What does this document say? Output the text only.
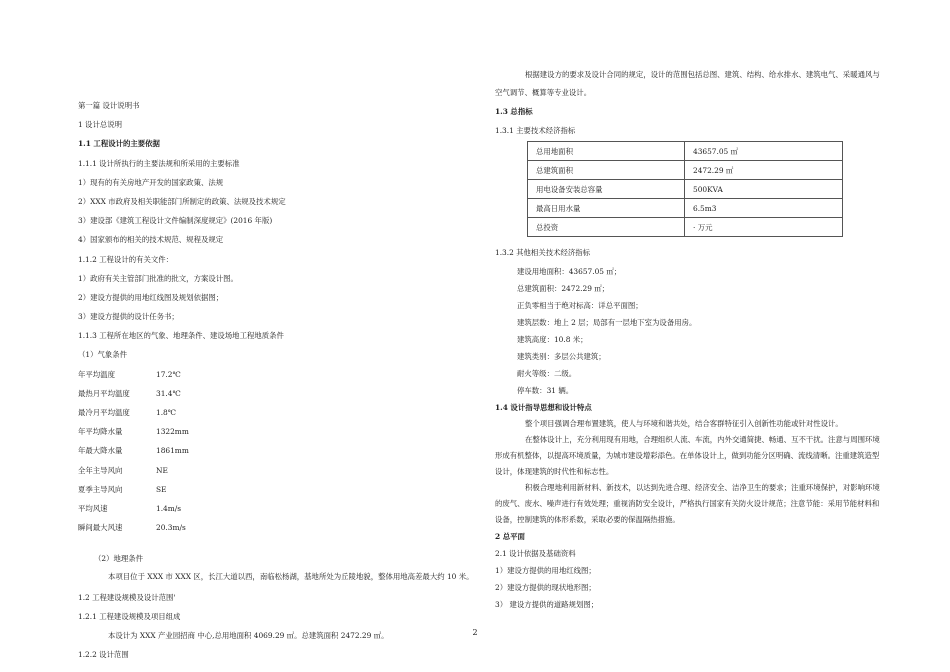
第一篇 设计说明书
1 设计总说明
1.1 工程设计的主要依据
1.1.1 设计所执行的主要法规和所采用的主要标准
1）现有的有关房地产开发的国家政策、法规
2）XXX 市政府及相关职能部门所制定的政策、法规及技术规定
3）建设部《建筑工程设计文件编制深度规定》(2016 年版)
4）国家颁布的相关的技术规范、规程及规定
1.1.2 工程设计的有关文件：
1）政府有关主管部门批准的批文，方案设计图。
2）建设方提供的用地红线图及规划依据图；
3）建设方提供的设计任务书；
1.1.3 工程所在地区的气象、地理条件、建设场地工程地质条件
（1）气象条件
年平均温度	17.2℃
最热月平均温度	31.4℃
最冷月平均温度	1.8℃
年平均降水量	1322mm
年最大降水量	1861mm
全年主导风向	NE
夏季主导风向	SE
平均风速	1.4m/s
瞬间最大风速	20.3m/s
（2）地理条件
本项目位于 XXX 市 XXX 区，长江大道以西，南临松杨湖，基地所处为丘陵地貌，整体用地高差最大约 10 米。
1.2 工程建设规模及设计范围'
1.2.1 工程建设规模及项目组成
本设计为 XXX 产业园招商 中心,总用地面积 4069.29 ㎡。总建筑面积 2472.29 ㎡。
1.2.2 设计范围
根据建设方的要求及设计合同的规定，设计的范围包括总图、建筑、结构、给水排水、建筑电气、采暖通风与空气调节、概算等专业设计。
1.3 总指标
1.3.1 主要技术经济指标
总用地面积	43657.05 ㎡
总建筑面积	2472.29 ㎡
用电设备安装总容量	500KVA
最高日用水量	6.5m3
总投资	· 万元
1.3.2 其他相关技术经济指标
建设用地面积：43657.05 ㎡；
总建筑面积：2472.29 ㎡；
正负零相当于绝对标高：详总平面图；
建筑层数：地上 2 层；局部有一层地下室为设备用房。
建筑高度：10.8 米；
建筑类别：多层公共建筑；
耐火等级：二级。
停车数：31 辆。
1.4 设计指导思想和设计特点
整个项目强调合理布置建筑，使人与环境和谐共处，结合客群特征引入创新性功能或针对性设计。
在整体设计上，充分利用现有用地，合理组织人流、车流，内外交通简捷、畅通、互不干扰。注意与周围环境形成有机整体，以提高环境质量，为城市建设增彩添色。在单体设计上，做到功能分区明确、流线清晰。注重建筑造型设计，体现建筑的时代性和标志性。
积极合理地利用新材料、新技术，以达到先进合理、经济安全、洁净卫生的要求；注重环境保护，对影响环境的废气、废水、噪声进行有效处理；重视消防安全设计，严格执行国家有关防火设计规范；注意节能：采用节能材料和设备，控制建筑的体形系数，采取必要的保温隔热措施。
2 总平面
2.1 设计依据及基础资料
1）建设方提供的用地红线图；
2）建设方提供的现状地形图；
3） 建设方提供的道路规划图；
2
